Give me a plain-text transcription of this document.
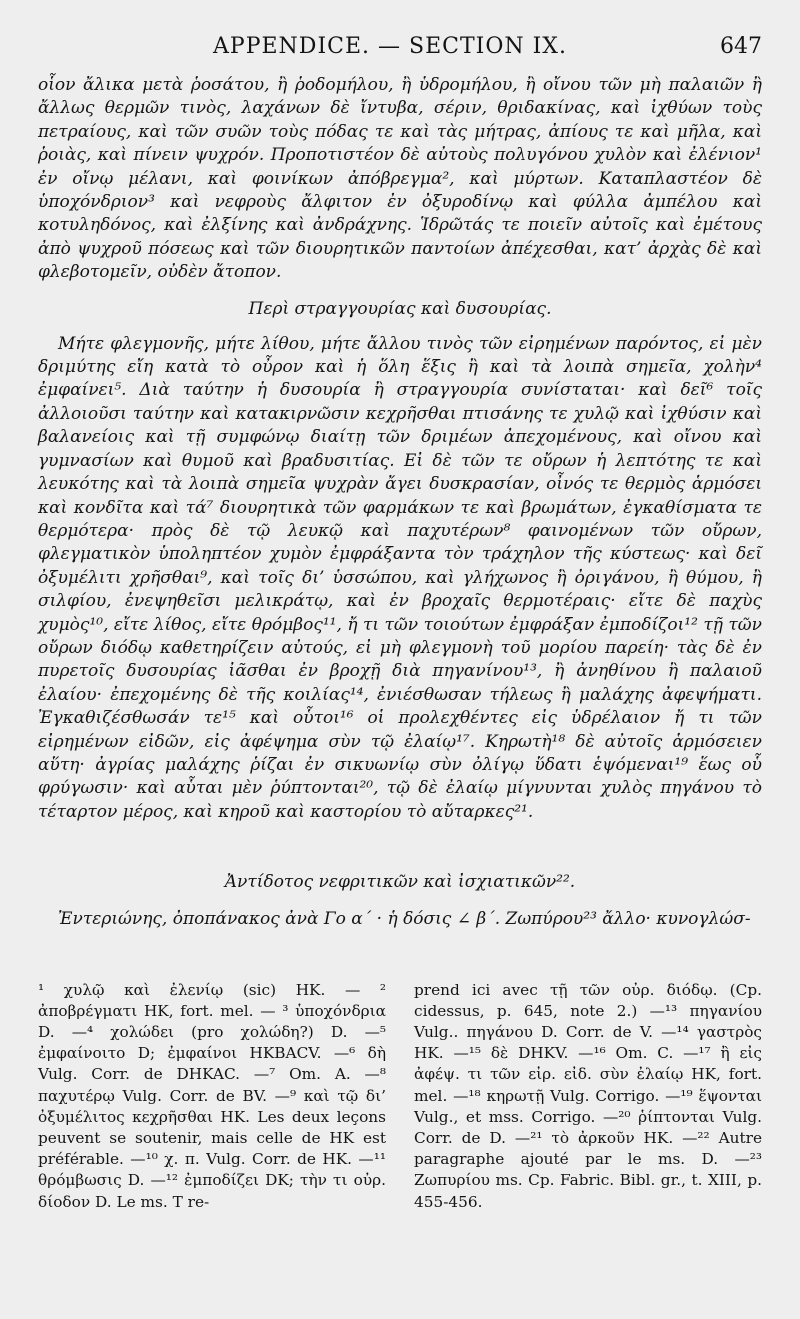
APPENDICE. — SECTION IX.	647

οἷον ἄλικα μετὰ ῥοσάτου, ἢ ῥοδομήλου, ἢ ὑδρομήλου, ἢ οἴνου τῶν μὴ παλαιῶν ἢ ἄλλως θερμῶν τινὸς, λαχάνων δὲ ἴντυβα, σέριν, θριδακίνας, καὶ ἰχθύων τοὺς πετραίους, καὶ τῶν συῶν τοὺς πόδας τε καὶ τὰς μήτρας, ἀπίους τε καὶ μῆλα, καὶ ῥοιὰς, καὶ πίνειν ψυχρόν. Προποτιστέον δὲ αὐτοὺς πολυγόνου χυλὸν καὶ ἐλένιον¹ ἐν οἴνῳ μέλανι, καὶ φοινίκων ἀπόβρεγμα², καὶ μύρτων. Καταπλαστέον δὲ ὑποχόνδριον³ καὶ νεφροὺς ἄλφιτον ἐν ὀξυροδίνῳ καὶ φύλλα ἀμπέλου καὶ κοτυληδόνος, καὶ ἐλξίνης καὶ ἀνδράχνης. Ἱδρῶτάς τε ποιεῖν αὐτοῖς καὶ ἐμέτους ἀπὸ ψυχροῦ πόσεως καὶ τῶν διουρητικῶν παντοίων ἀπέχεσθαι, κατ’ ἀρχὰς δὲ καὶ φλεβοτομεῖν, οὐδὲν ἄτοπον.

Περὶ στραγγουρίας καὶ δυσουρίας.

Μήτε φλεγμονῆς, μήτε λίθου, μήτε ἄλλου τινὸς τῶν εἰρημένων παρόντος, εἰ μὲν δριμύτης εἴη κατὰ τὸ οὖρον καὶ ἡ ὅλη ἕξις ἢ καὶ τὰ λοιπὰ σημεῖα, χολὴν⁴ ἐμφαίνει⁵. Διὰ ταύτην ἡ δυσουρία ἢ στραγγουρία συνίσταται· καὶ δεῖ⁶ τοῖς ἀλλοιοῦσι ταύτην καὶ κατακιρνῶσιν κεχρῆσθαι πτισάνης τε χυλῷ καὶ ἰχθύσιν καὶ βαλανείοις καὶ τῇ συμφώνῳ διαίτῃ τῶν δριμέων ἀπεχομένους, καὶ οἴνου καὶ γυμνασίων καὶ θυμοῦ καὶ βραδυσιτίας. Εἰ δὲ τῶν τε οὔρων ἡ λεπτότης τε καὶ λευκότης καὶ τὰ λοιπὰ σημεῖα ψυχρὰν ἄγει δυσκρασίαν, οἶνός τε θερμὸς ἁρμόσει καὶ κονδῖτα καὶ τά⁷ διουρητικὰ τῶν φαρμάκων τε καὶ βρωμάτων, ἐγκαθίσματα τε θερμότερα· πρὸς δὲ τῷ λευκῷ καὶ παχυτέρων⁸ φαινομένων τῶν οὔρων, φλεγματικὸν ὑποληπτέον χυμὸν ἐμφράξαντα τὸν τράχηλον τῆς κύστεως· καὶ δεῖ ὀξυμέλιτι χρῆσθαι⁹, καὶ τοῖς δι’ ὑσσώπου, καὶ γλήχωνος ἢ ὀριγάνου, ἢ θύμου, ἢ σιλφίου, ἐνεψηθεῖσι μελικράτῳ, καὶ ἐν βροχαῖς θερμοτέραις· εἴτε δὲ παχὺς χυμὸς¹⁰, εἴτε λίθος, εἴτε θρόμβος¹¹, ἤ τι τῶν τοιούτων ἐμφράξαν ἐμποδίζοι¹² τῇ τῶν οὔρων διόδῳ καθετηρίζειν αὐτούς, εἰ μὴ φλεγμονὴ τοῦ μορίου παρείη· τὰς δὲ ἐν πυρετοῖς δυσουρίας ἰᾶσθαι ἐν βροχῇ διὰ πηγανίνου¹³, ἢ ἀνηθίνου ἢ παλαιοῦ ἐλαίου· ἐπεχομένης δὲ τῆς κοιλίας¹⁴, ἐνιέσθωσαν τήλεως ἢ μαλάχης ἀφεψήματι. Ἐγκαθιζέσθωσάν τε¹⁵ καὶ οὗτοι¹⁶ οἱ προλεχθέντες εἰς ὑδρέλαιον ἤ τι τῶν εἰρημένων εἰδῶν, εἰς ἀφέψημα σὺν τῷ ἐλαίῳ¹⁷. Κηρωτὴ¹⁸ δὲ αὐτοῖς ἁρμόσειεν αὕτη· ἀγρίας μαλάχης ῥίζαι ἐν σικυωνίῳ σὺν ὀλίγῳ ὕδατι ἑψόμεναι¹⁹ ἕως οὗ φρύγωσιν· καὶ αὗται μὲν ῥύπτονται²⁰, τῷ δὲ ἐλαίῳ μίγνυνται χυλὸς πηγάνου τὸ τέταρτον μέρος, καὶ κηροῦ καὶ καστορίου τὸ αὔταρκες²¹.

Ἀντίδοτος νεφριτικῶν καὶ ἰσχιατικῶν²².

Ἐντεριώνης, ὀποπάνακος ἀνὰ Γο α΄ · ἡ δόσις ∠ β΄. Ζωπύρου²³ ἄλλο· κυνογλώσ-

¹ χυλῷ καὶ ἐλενίῳ (sic) HK. — ² ἀποβρέγματι HK, fort. mel. — ³ ὑποχόνδρια D. —⁴ χολώδει (pro χολώδη?) D. —⁵ ἐμφαίνοιτο D; ἐμφαίνοι HKBACV. —⁶ δὴ Vulg. Corr. de DHKAC. —⁷ Om. A. —⁸ παχυτέρῳ Vulg. Corr. de BV. —⁹ καὶ τῷ δι’ ὀξυμέλιτος κεχρῆσθαι HK. Les deux leçons peuvent se soutenir, mais celle de HK est préférable. —¹⁰ χ. π. Vulg. Corr. de HK. —¹¹ θρόμβωσις D. —¹² ἐμποδίζει DK; τὴν τι οὐρ. δίοδον D. Le ms. T re-

prend ici avec τῇ τῶν οὐρ. διόδῳ. (Cp. cidessus, p. 645, note 2.) —¹³ πηγανίου Vulg.. πηγάνου D. Corr. de V. —¹⁴ γαστρὸς HK. —¹⁵ δὲ DHKV. —¹⁶ Om. C. —¹⁷ ἢ εἰς ἀφέψ. τι τῶν εἰρ. εἰδ. σὺν ἐλαίῳ HK, fort. mel. —¹⁸ κηρωτῇ Vulg. Corrigo. —¹⁹ ἕψονται Vulg., et mss. Corrigo. —²⁰ ῥίπτονται Vulg. Corr. de D. —²¹ τὸ ἀρκοῦν HK. —²² Autre paragraphe ajouté par le ms. D. —²³ Ζωπυρίου ms. Cp. Fabric. Bibl. gr., t. XIII, p. 455-456.
